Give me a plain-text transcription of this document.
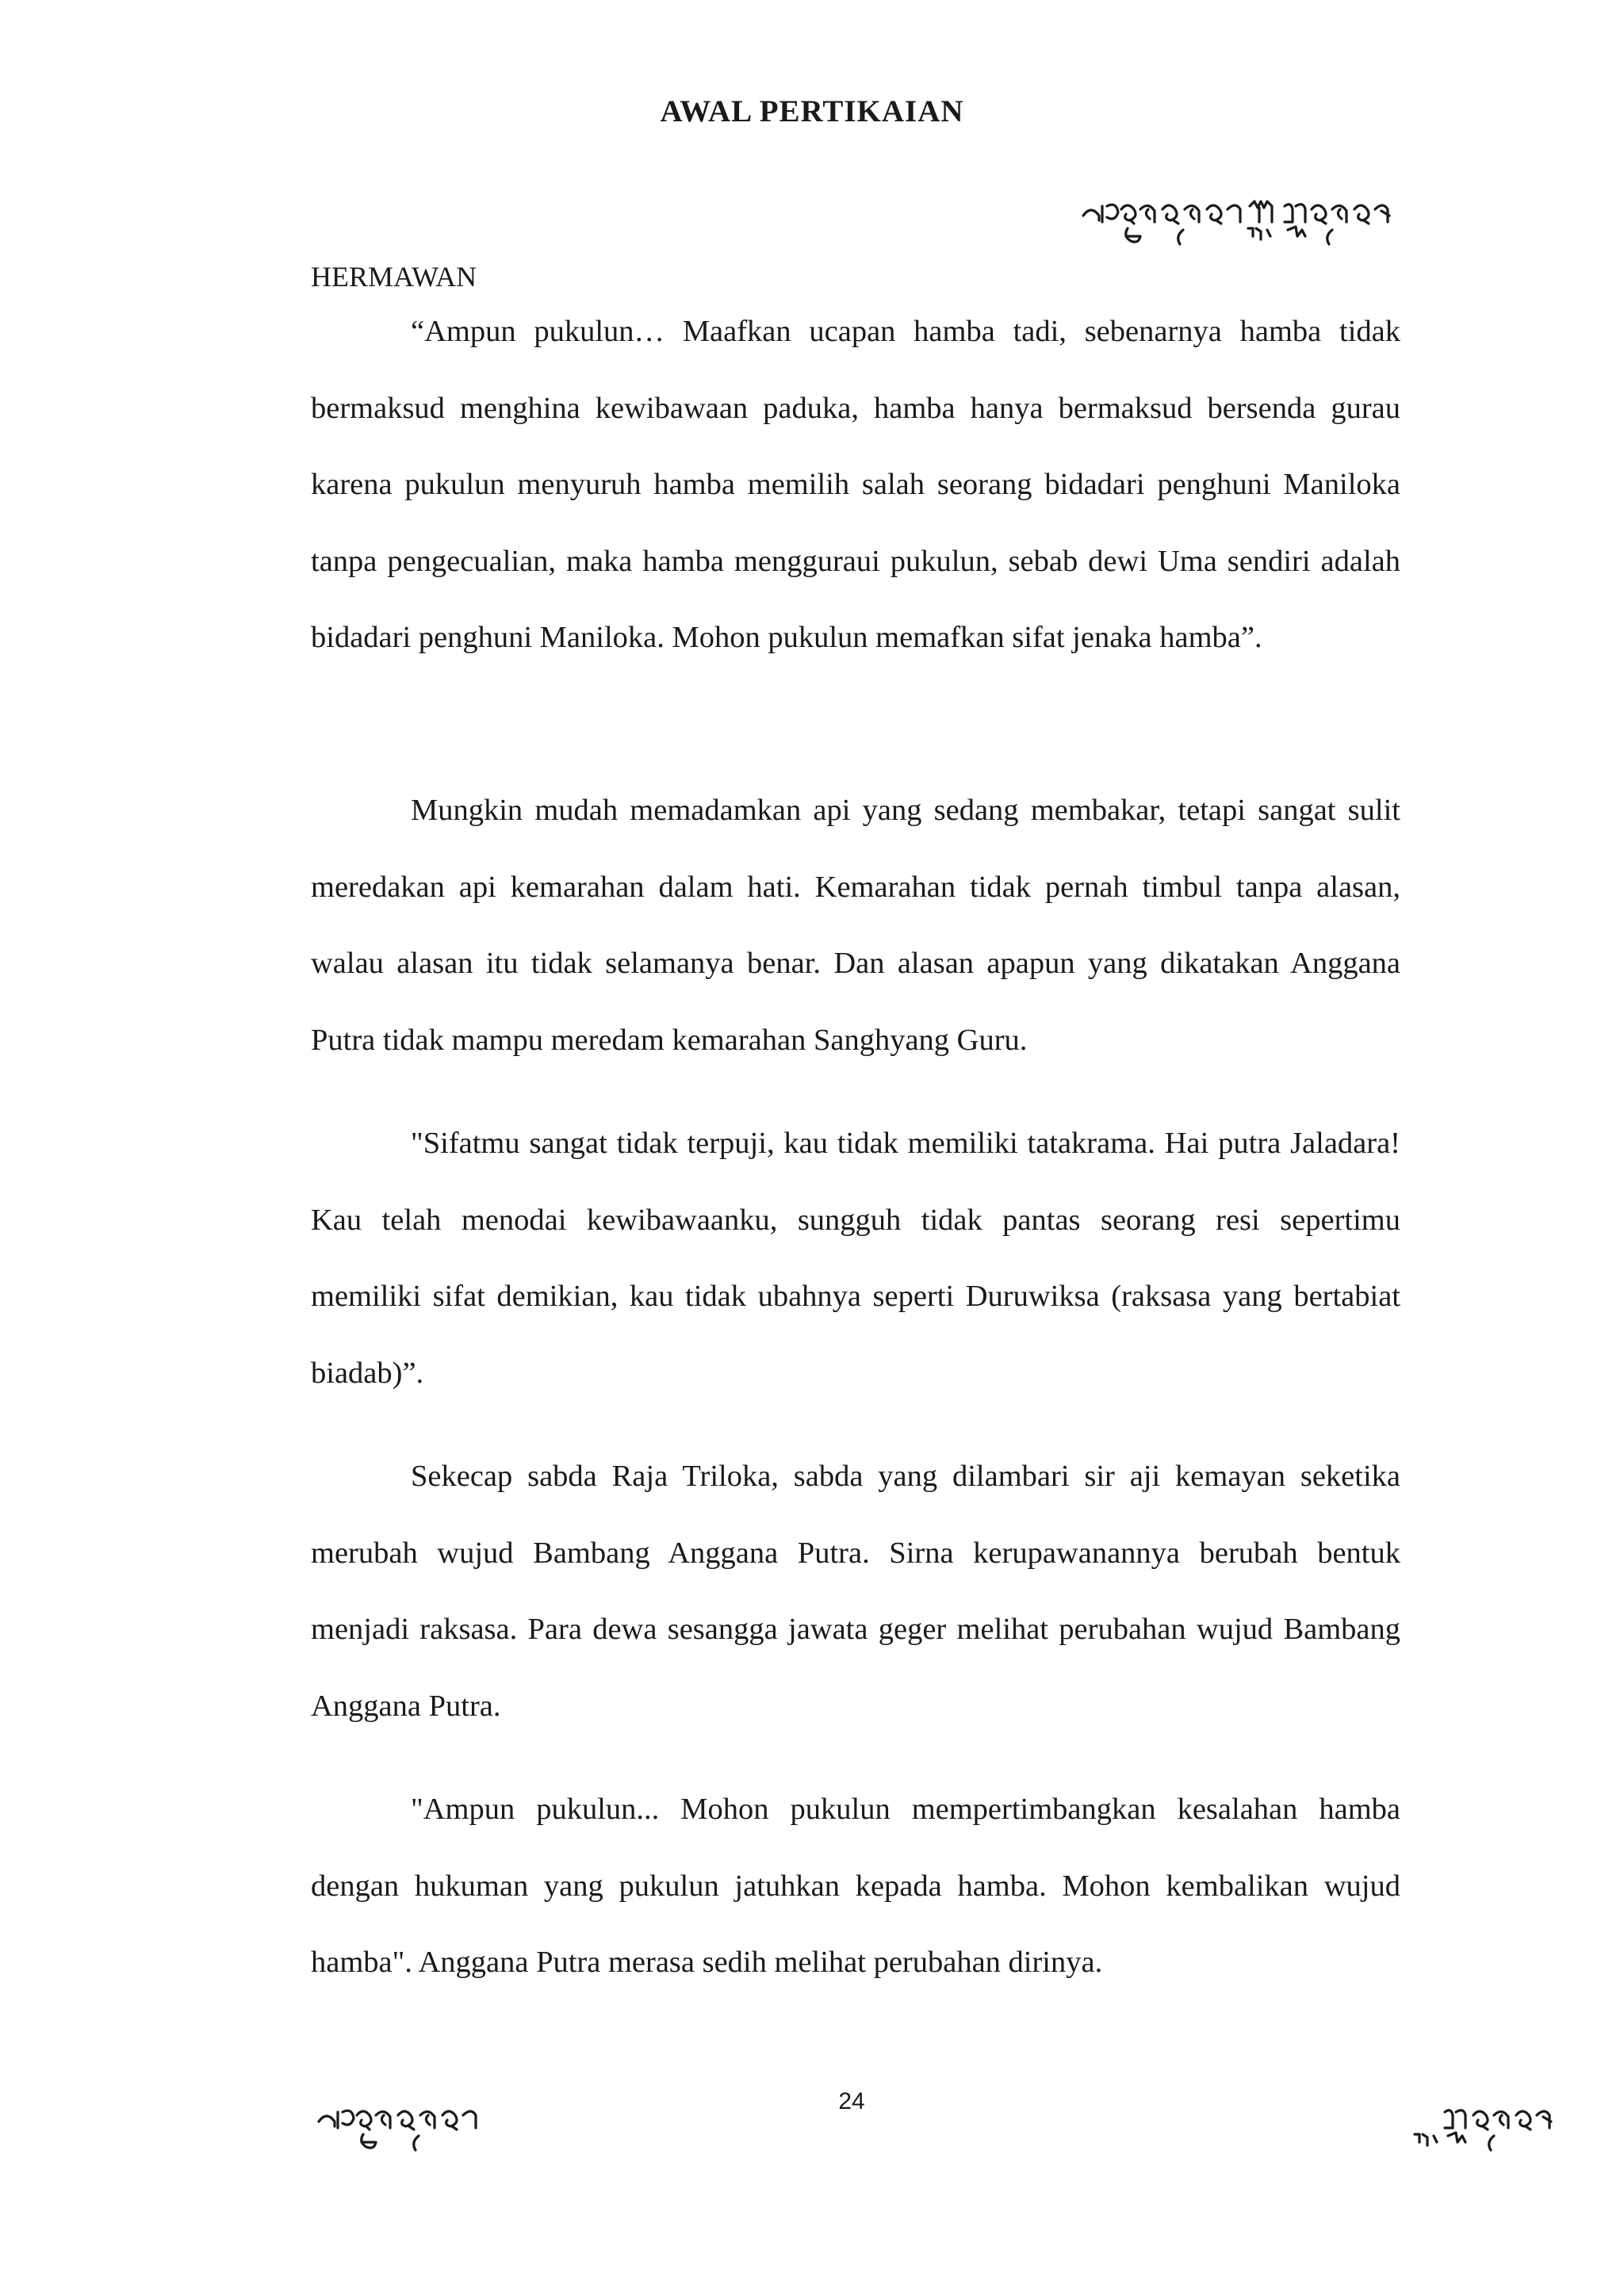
AWAL PERTIKAIAN
HERMAWAN

“Ampun pukulun… Maafkan ucapan hamba tadi, sebenarnya hamba tidak bermaksud menghina kewibawaan paduka, hamba hanya bermaksud bersenda gurau karena pukulun menyuruh hamba memilih salah seorang bidadari penghuni Maniloka tanpa pengecualian, maka hamba mengguraui pukulun, sebab dewi Uma sendiri adalah bidadari penghuni Maniloka. Mohon pukulun memafkan sifat jenaka hamba”.

Mungkin mudah memadamkan api yang sedang membakar, tetapi sangat sulit meredakan api kemarahan dalam hati. Kemarahan tidak pernah timbul tanpa alasan, walau alasan itu tidak selamanya benar. Dan alasan apapun yang dikatakan Anggana Putra tidak mampu meredam kemarahan Sanghyang Guru.

"Sifatmu sangat tidak terpuji, kau tidak memiliki tatakrama. Hai putra Jaladara! Kau telah menodai kewibawaanku, sungguh tidak pantas seorang resi sepertimu memiliki sifat demikian, kau tidak ubahnya seperti Duruwiksa (raksasa yang bertabiat biadab)”.

Sekecap sabda Raja Triloka, sabda yang dilambari sir aji kemayan seketika merubah wujud Bambang Anggana Putra. Sirna kerupawanannya berubah bentuk menjadi raksasa. Para dewa sesangga jawata geger melihat perubahan wujud Bambang Anggana Putra.

"Ampun pukulun... Mohon pukulun mempertimbangkan kesalahan hamba dengan hukuman yang pukulun jatuhkan kepada hamba. Mohon kembalikan wujud hamba". Anggana Putra merasa sedih melihat perubahan dirinya.

24
